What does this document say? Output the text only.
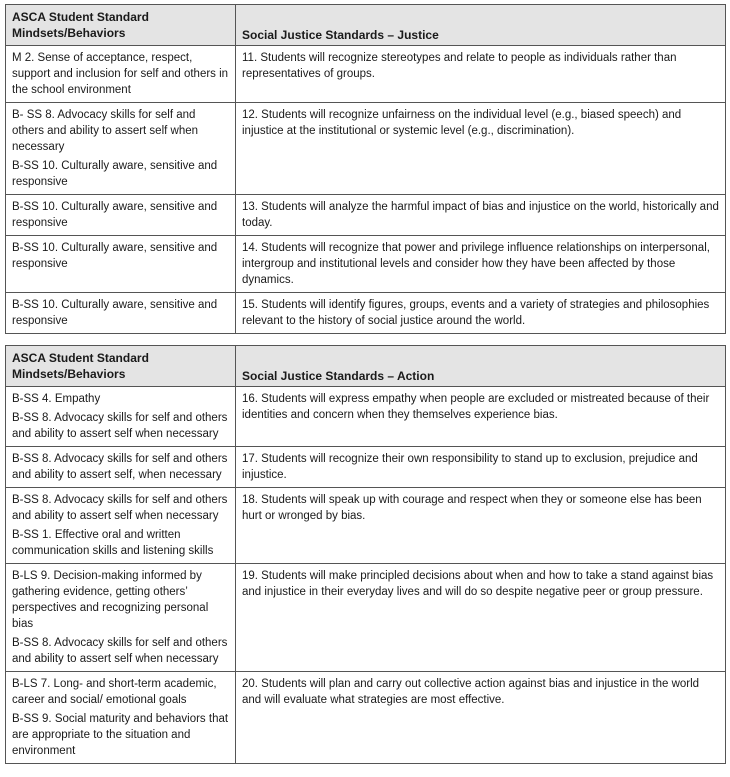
ASCA Student Standard
Mindsets/Behaviors	Social Justice Standards – Justice

M 2. Sense of acceptance, respect, support and inclusion for self and others in the school environment	11. Students will recognize stereotypes and relate to people as individuals rather than representatives of groups.

B- SS 8. Advocacy skills for self and others and ability to assert self when necessary
B-SS 10. Culturally aware, sensitive and responsive	12. Students will recognize unfairness on the individual level (e.g., biased speech) and injustice at the institutional or systemic level (e.g., discrimination).

B-SS 10. Culturally aware, sensitive and responsive	13. Students will analyze the harmful impact of bias and injustice on the world, historically and today.

B-SS 10. Culturally aware, sensitive and responsive	14. Students will recognize that power and privilege influence relationships on interpersonal, intergroup and institutional levels and consider how they have been affected by those dynamics.

B-SS 10. Culturally aware, sensitive and responsive	15. Students will identify figures, groups, events and a variety of strategies and philosophies relevant to the history of social justice around the world.
ASCA Student Standard
Mindsets/Behaviors	Social Justice Standards – Action

B-SS 4. Empathy
B-SS 8. Advocacy skills for self and others and ability to assert self when necessary	16. Students will express empathy when people are excluded or mistreated because of their identities and concern when they themselves experience bias.

B-SS 8. Advocacy skills for self and others and ability to assert self, when necessary	17. Students will recognize their own responsibility to stand up to exclusion, prejudice and injustice.

B-SS 8. Advocacy skills for self and others and ability to assert self when necessary
B-SS 1. Effective oral and written communication skills and listening skills	18. Students will speak up with courage and respect when they or someone else has been hurt or wronged by bias.

B-LS 9. Decision-making informed by gathering evidence, getting others’ perspectives and recognizing personal bias
B-SS 8. Advocacy skills for self and others and ability to assert self when necessary	19. Students will make principled decisions about when and how to take a stand against bias and injustice in their everyday lives and will do so despite negative peer or group pressure.

B-LS 7. Long- and short-term academic, career and social/ emotional goals
B-SS 9. Social maturity and behaviors that are appropriate to the situation and environment	20. Students will plan and carry out collective action against bias and injustice in the world and will evaluate what strategies are most effective.
